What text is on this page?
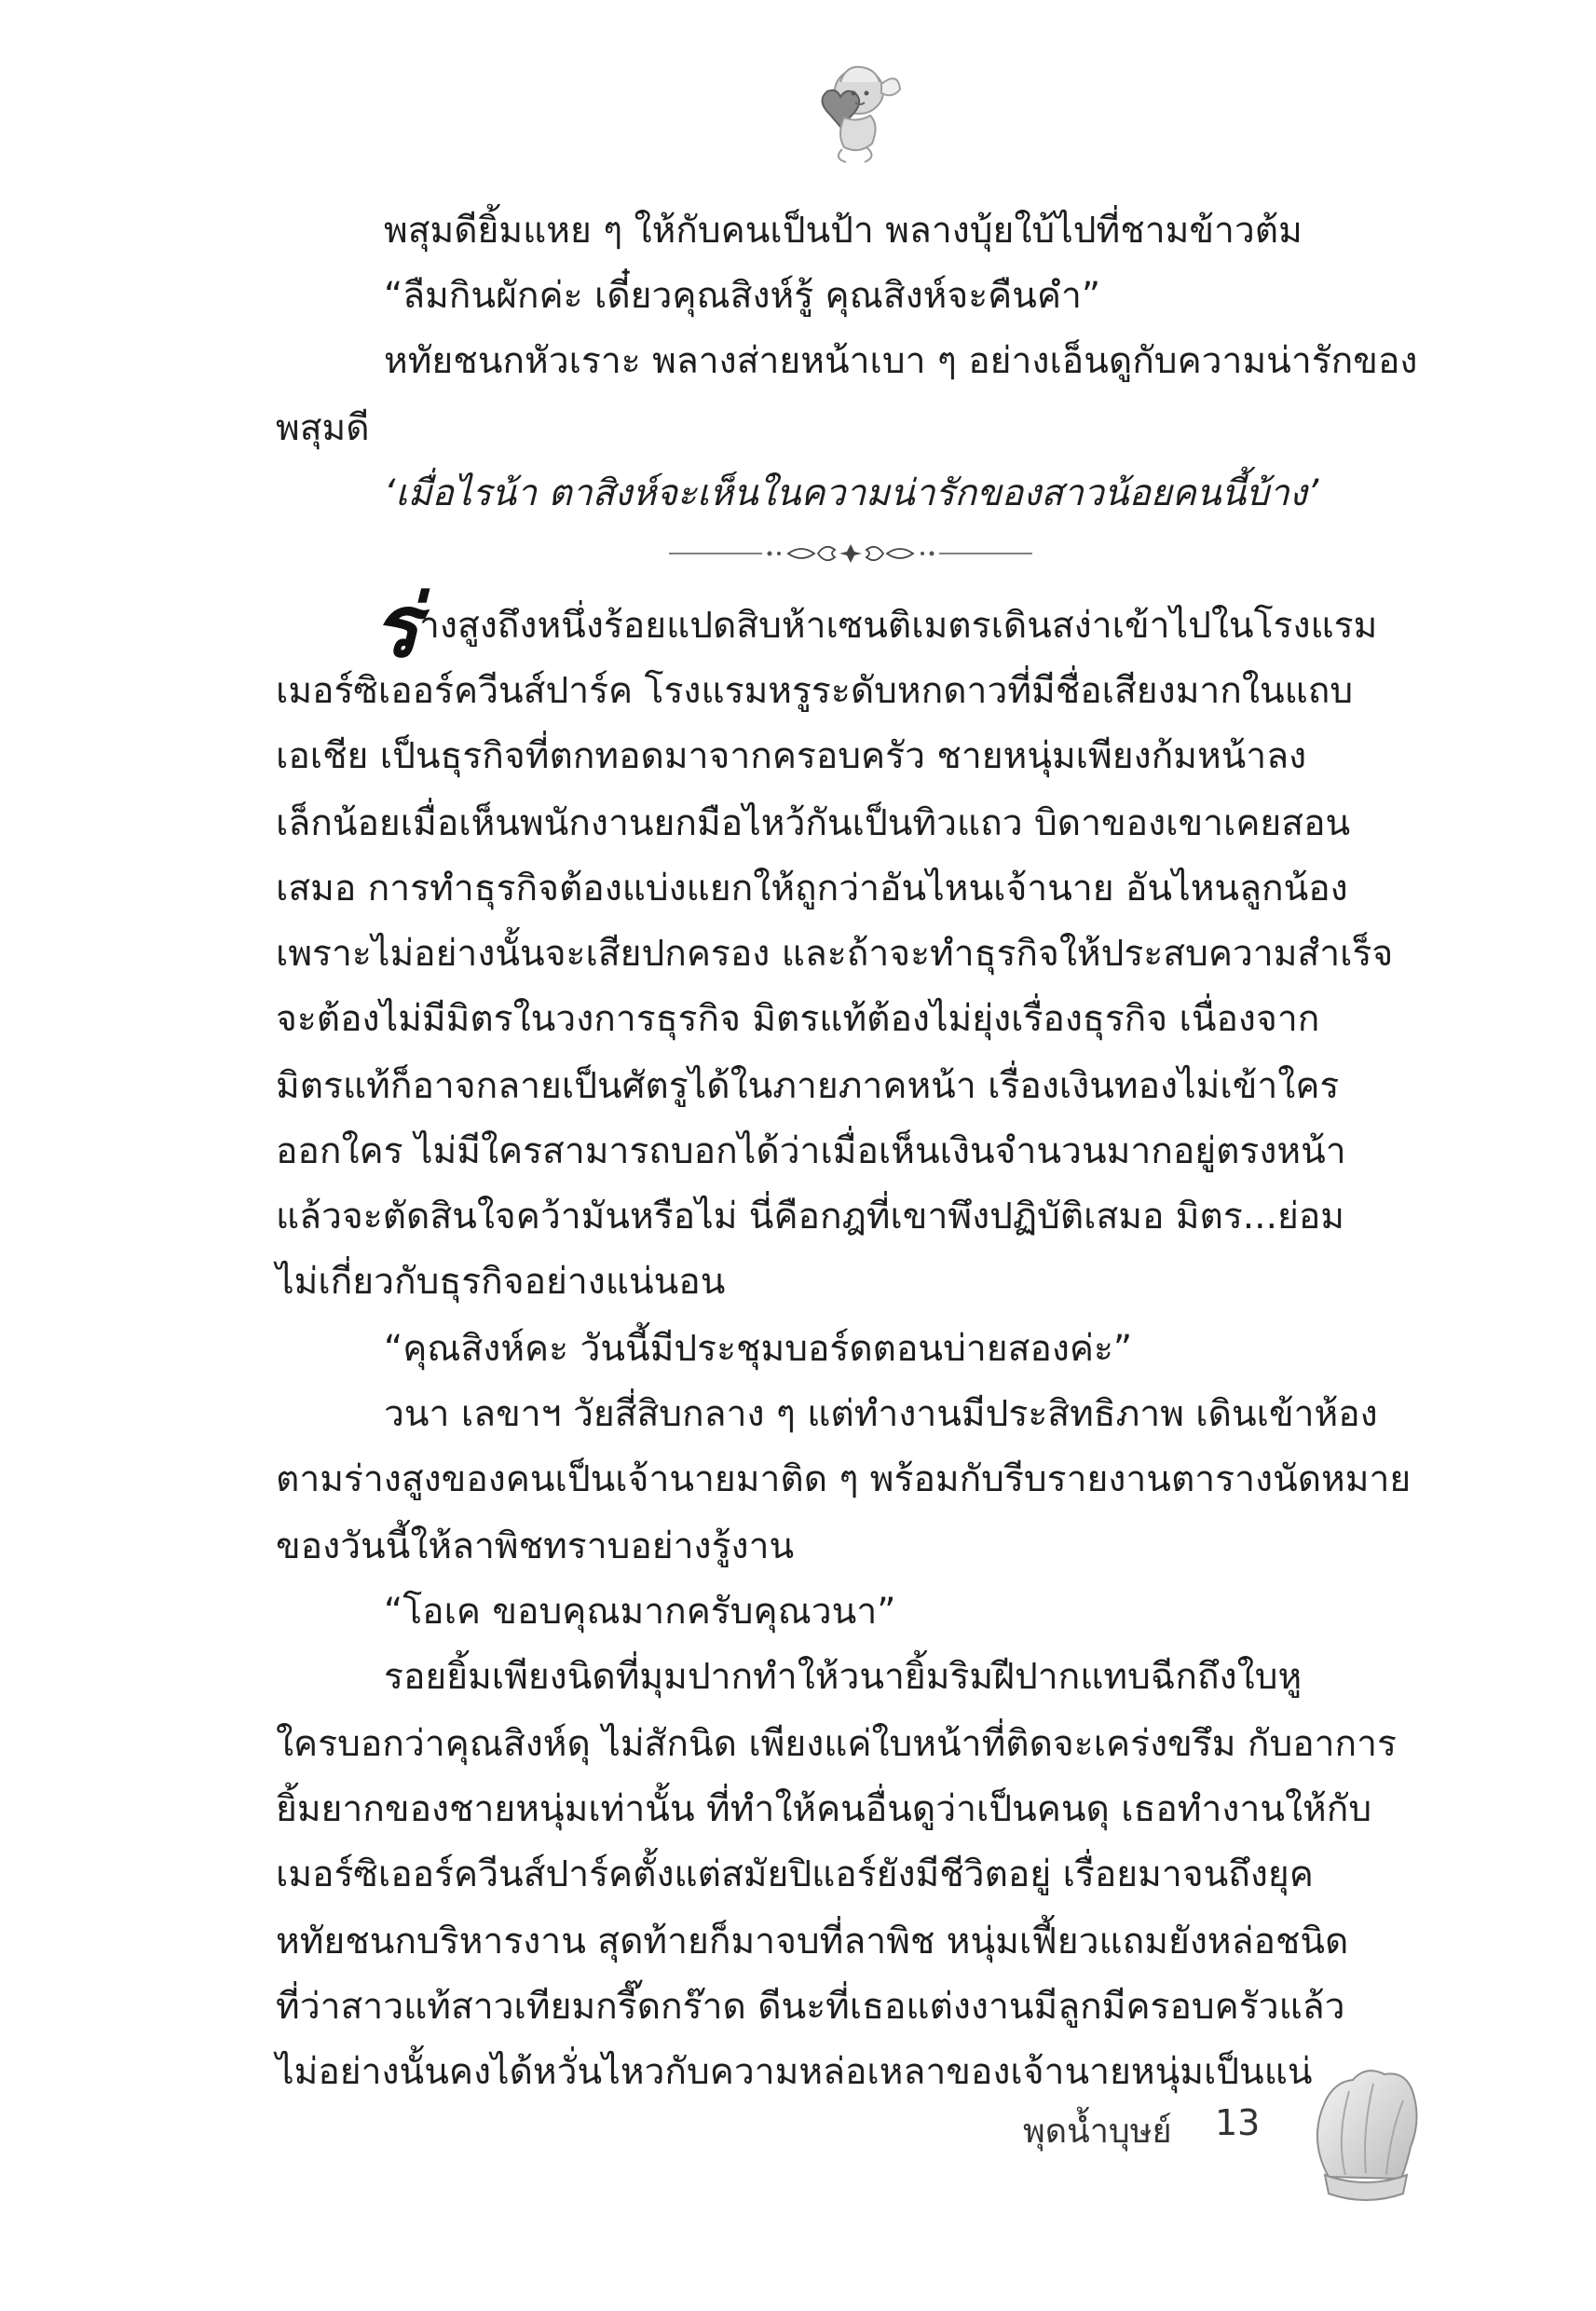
พสุมดียิ้มแหย ๆ ให้กับคนเป็นป้า พลางบุ้ยใบ้ไปที่ชามข้าวต้ม
“ลืมกินผักค่ะ เดี๋ยวคุณสิงห์รู้ คุณสิงห์จะคืนคำ”
หทัยชนกหัวเราะ พลางส่ายหน้าเบา ๆ อย่างเอ็นดูกับความน่ารักของ
พสุมดี
‘เมื่อไรน้า ตาสิงห์จะเห็นในความน่ารักของสาวน้อยคนนี้บ้าง’
ร่ างสูงถึงหนึ่งร้อยแปดสิบห้าเซนติเมตรเดินสง่าเข้าไปในโรงแรม
เมอร์ซิเออร์ควีนส์ปาร์ค โรงแรมหรูระดับหกดาวที่มีชื่อเสียงมากในแถบ
เอเชีย เป็นธุรกิจที่ตกทอดมาจากครอบครัว ชายหนุ่มเพียงก้มหน้าลง
เล็กน้อยเมื่อเห็นพนักงานยกมือไหว้กันเป็นทิวแถว บิดาของเขาเคยสอน
เสมอ การทำธุรกิจต้องแบ่งแยกให้ถูกว่าอันไหนเจ้านาย อันไหนลูกน้อง
เพราะไม่อย่างนั้นจะเสียปกครอง และถ้าจะทำธุรกิจให้ประสบความสำเร็จ
จะต้องไม่มีมิตรในวงการธุรกิจ มิตรแท้ต้องไม่ยุ่งเรื่องธุรกิจ เนื่องจาก
มิตรแท้ก็อาจกลายเป็นศัตรูได้ในภายภาคหน้า เรื่องเงินทองไม่เข้าใคร
ออกใคร ไม่มีใครสามารถบอกได้ว่าเมื่อเห็นเงินจำนวนมากอยู่ตรงหน้า
แล้วจะตัดสินใจคว้ามันหรือไม่ นี่คือกฎที่เขาพึงปฏิบัติเสมอ มิตร...ย่อม
ไม่เกี่ยวกับธุรกิจอย่างแน่นอน
“คุณสิงห์คะ วันนี้มีประชุมบอร์ดตอนบ่ายสองค่ะ”
วนา เลขาฯ วัยสี่สิบกลาง ๆ แต่ทำงานมีประสิทธิภาพ เดินเข้าห้อง
ตามร่างสูงของคนเป็นเจ้านายมาติด ๆ พร้อมกับรีบรายงานตารางนัดหมาย
ของวันนี้ให้ลาพิชทราบอย่างรู้งาน
“โอเค ขอบคุณมากครับคุณวนา”
รอยยิ้มเพียงนิดที่มุมปากทำให้วนายิ้มริมฝีปากแทบฉีกถึงใบหู
ใครบอกว่าคุณสิงห์ดุ ไม่สักนิด เพียงแค่ใบหน้าที่ติดจะเคร่งขรึม กับอาการ
ยิ้มยากของชายหนุ่มเท่านั้น ที่ทำให้คนอื่นดูว่าเป็นคนดุ เธอทำงานให้กับ
เมอร์ซิเออร์ควีนส์ปาร์คตั้งแต่สมัยปิแอร์ยังมีชีวิตอยู่ เรื่อยมาจนถึงยุค
หทัยชนกบริหารงาน สุดท้ายก็มาจบที่ลาพิช หนุ่มเฟี้ยวแถมยังหล่อชนิด
ที่ว่าสาวแท้สาวเทียมกรี๊ดกร๊าด ดีนะที่เธอแต่งงานมีลูกมีครอบครัวแล้ว
ไม่อย่างนั้นคงได้หวั่นไหวกับความหล่อเหลาของเจ้านายหนุ่มเป็นแน่
พุดน้ำบุษย์ 13
